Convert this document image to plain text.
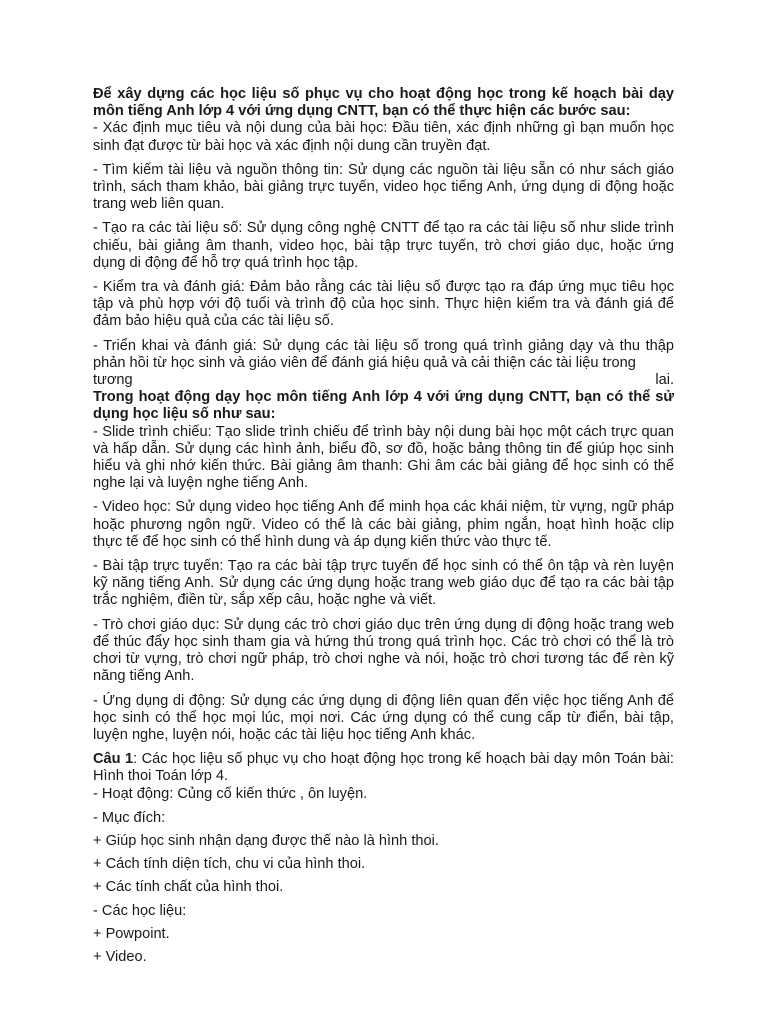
Để xây dựng các học liệu số phục vụ cho hoạt động học trong kế hoạch bài dạy môn tiếng Anh lớp 4 với ứng dụng CNTT, bạn có thể thực hiện các bước sau:

- Xác định mục tiêu và nội dung của bài học: Đầu tiên, xác định những gì bạn muốn học sinh đạt được từ bài học và xác định nội dung cần truyền đạt.

- Tìm kiếm tài liệu và nguồn thông tin: Sử dụng các nguồn tài liệu sẵn có như sách giáo trình, sách tham khảo, bài giảng trực tuyến, video học tiếng Anh, ứng dụng di động hoặc trang web liên quan.

- Tạo ra các tài liệu số: Sử dụng công nghệ CNTT để tạo ra các tài liệu số như slide trình chiếu, bài giảng âm thanh, video học, bài tập trực tuyến, trò chơi giáo dục, hoặc ứng dụng di động để hỗ trợ quá trình học tập.

- Kiểm tra và đánh giá: Đảm bảo rằng các tài liệu số được tạo ra đáp ứng mục tiêu học tập và phù hợp với độ tuổi và trình độ của học sinh. Thực hiện kiểm tra và đánh giá để đảm bảo hiệu quả của các tài liệu số.

- Triển khai và đánh giá: Sử dụng các tài liệu số trong quá trình giảng dạy và thu thập phản hồi từ học sinh và giáo viên để đánh giá hiệu quả và cải thiện các tài liệu trong

tương	lai.

Trong hoạt động dạy học môn tiếng Anh lớp 4 với ứng dụng CNTT, bạn có thể sử dụng học liệu số như sau:

- Slide trình chiếu: Tạo slide trình chiếu để trình bày nội dung bài học một cách trực quan và hấp dẫn. Sử dụng các hình ảnh, biểu đồ, sơ đồ, hoặc bảng thông tin để giúp học sinh hiểu và ghi nhớ kiến thức. Bài giảng âm thanh: Ghi âm các bài giảng để học sinh có thể nghe lại và luyện nghe tiếng Anh.

- Video học: Sử dụng video học tiếng Anh để minh họa các khái niệm, từ vựng, ngữ pháp hoặc phương ngôn ngữ. Video có thể là các bài giảng, phim ngắn, hoạt hình hoặc clip thực tế để học sinh có thể hình dung và áp dụng kiến thức vào thực tế.

- Bài tập trực tuyến: Tạo ra các bài tập trực tuyến để học sinh có thể ôn tập và rèn luyện kỹ năng tiếng Anh. Sử dụng các ứng dụng hoặc trang web giáo dục để tạo ra các bài tập trắc nghiệm, điền từ, sắp xếp câu, hoặc nghe và viết.

- Trò chơi giáo dục: Sử dụng các trò chơi giáo dục trên ứng dụng di động hoặc trang web để thúc đẩy học sinh tham gia và hứng thú trong quá trình học. Các trò chơi có thể là trò chơi từ vựng, trò chơi ngữ pháp, trò chơi nghe và nói, hoặc trò chơi tương tác để rèn kỹ năng tiếng Anh.

- Ứng dụng di động: Sử dụng các ứng dụng di động liên quan đến việc học tiếng Anh để học sinh có thể học mọi lúc, mọi nơi. Các ứng dụng có thể cung cấp từ điển, bài tập, luyện nghe, luyện nói, hoặc các tài liệu học tiếng Anh khác.

Câu 1: Các học liệu số phục vụ cho hoạt động học trong kế hoạch bài dạy môn Toán bài: Hình thoi Toán lớp 4.

- Hoạt động: Củng cố kiến thức , ôn luyện.

- Mục đích:

+ Giúp học sinh nhận dạng được thế nào là hình thoi.

+ Cách tính diện tích, chu vi của hình thoi.

+ Các tính chất của hình thoi.

- Các học liệu:

+ Powpoint.

+ Video.
